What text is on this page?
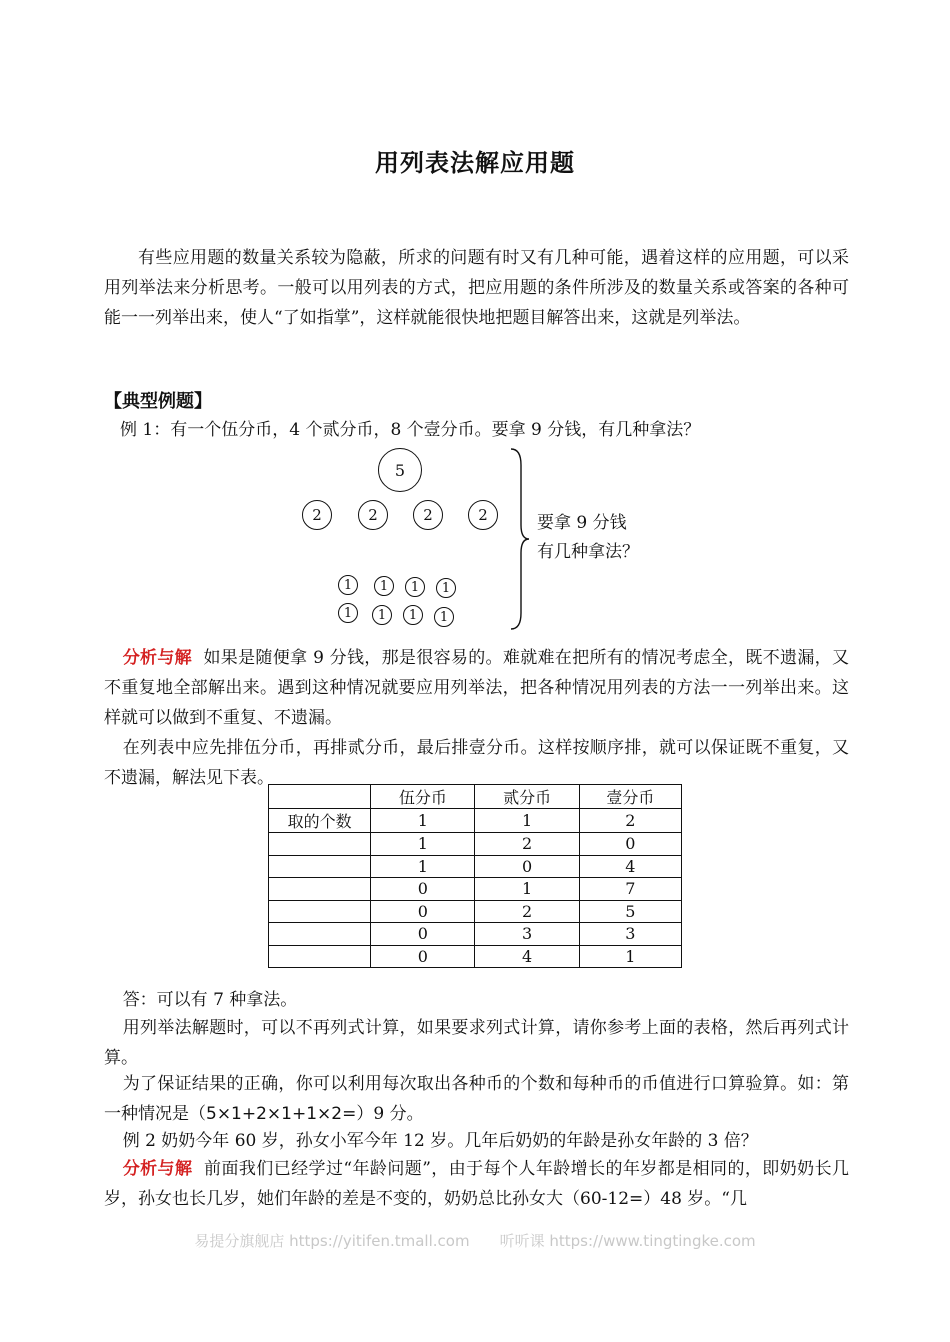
用列表法解应用题
有些应用题的数量关系较为隐蔽，所求的问题有时又有几种可能，遇着这样的应用题，可以采用列举法来分析思考。一般可以用列表的方式，把应用题的条件所涉及的数量关系或答案的各种可能一一列举出来，使人“了如指掌”，这样就能很快地把题目解答出来，这就是列举法。
【典型例题】
例 1：有一个伍分币，4 个贰分币，8 个壹分币。要拿 9 分钱，有几种拿法？
5
2	2	2	2
1	1	1	1
1	1	1	1
要拿 9 分钱
有几种拿法？
分析与解 如果是随便拿 9 分钱，那是很容易的。难就难在把所有的情况考虑全，既不遗漏，又不重复地全部解出来。遇到这种情况就要应用列举法，把各种情况用列表的方法一一列举出来。这样就可以做到不重复、不遗漏。
在列表中应先排伍分币，再排贰分币，最后排壹分币。这样按顺序排，就可以保证既不重复，又不遗漏，解法见下表。
	伍分币	贰分币	壹分币
取的个数	1	1	2
	1	2	0
	1	0	4
	0	1	7
	0	2	5
	0	3	3
	0	4	1
答：可以有 7 种拿法。
用列举法解题时，可以不再列式计算，如果要求列式计算，请你参考上面的表格，然后再列式计算。
为了保证结果的正确，你可以利用每次取出各种币的个数和每种币的币值进行口算验算。如：第一种情况是（5×1+2×1+1×2=）9 分。
例 2 奶奶今年 60 岁，孙女小军今年 12 岁。几年后奶奶的年龄是孙女年龄的 3 倍？
分析与解 前面我们已经学过“年龄问题”，由于每个人年龄增长的年岁都是相同的，即奶奶长几岁，孙女也长几岁，她们年龄的差是不变的，奶奶总比孙女大（60-12=）48 岁。“几
易提分旗舰店 https://yitifen.tmall.com 听听课 https://www.tingtingke.com
